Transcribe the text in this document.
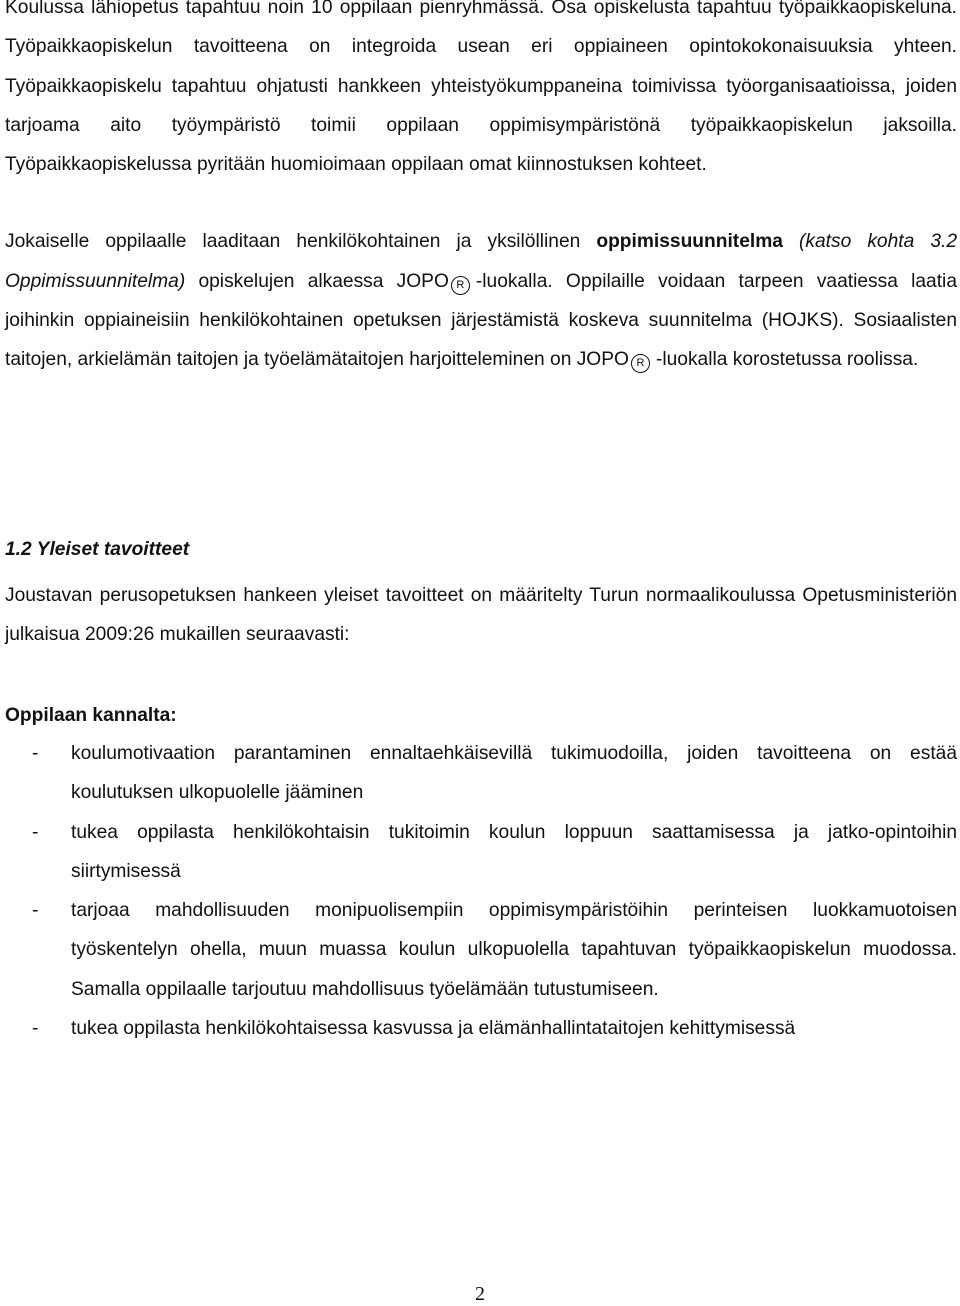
Koulussa lähiopetus tapahtuu noin 10 oppilaan pienryhmässä. Osa opiskelusta tapahtuu työpaikkaopiskeluna. Työpaikkaopiskelun tavoitteena on integroida usean eri oppiaineen opintokokonaisuuksia yhteen. Työpaikkaopiskelu tapahtuu ohjatusti hankkeen yhteistyökumppaneina toimivissa työorganisaatioissa, joiden tarjoama aito työympäristö toimii oppilaan oppimisympäristönä työpaikkaopiskelun jaksoilla. Työpaikkaopiskelussa pyritään huomioimaan oppilaan omat kiinnostuksen kohteet.

Jokaiselle oppilaalle laaditaan henkilökohtainen ja yksilöllinen oppimissuunnitelma (katso kohta 3.2 Oppimissuunnitelma) opiskelujen alkaessa JOPO R -luokalla. Oppilaille voidaan tarpeen vaatiessa laatia joihinkin oppiaineisiin henkilökohtainen opetuksen järjestämistä koskeva suunnitelma (HOJKS). Sosiaalisten taitojen, arkielämän taitojen ja työelämätaitojen harjoitteleminen on JOPO R -luokalla korostetussa roolissa.

1.2 Yleiset tavoitteet

Joustavan perusopetuksen hankeen yleiset tavoitteet on määritelty Turun normaalikoulussa Opetusministeriön julkaisua 2009:26 mukaillen seuraavasti:

Oppilaan kannalta:
- koulumotivaation parantaminen ennaltaehkäisevillä tukimuodoilla, joiden tavoitteena on estää koulutuksen ulkopuolelle jääminen
- tukea oppilasta henkilökohtaisin tukitoimin koulun loppuun saattamisessa ja jatko-opintoihin siirtymisessä
- tarjoaa mahdollisuuden monipuolisempiin oppimisympäristöihin perinteisen luokkamuotoisen työskentelyn ohella, muun muassa koulun ulkopuolella tapahtuvan työpaikkaopiskelun muodossa. Samalla oppilaalle tarjoutuu mahdollisuus työelämään tutustumiseen.
- tukea oppilasta henkilökohtaisessa kasvussa ja elämänhallintataitojen kehittymisessä
2
